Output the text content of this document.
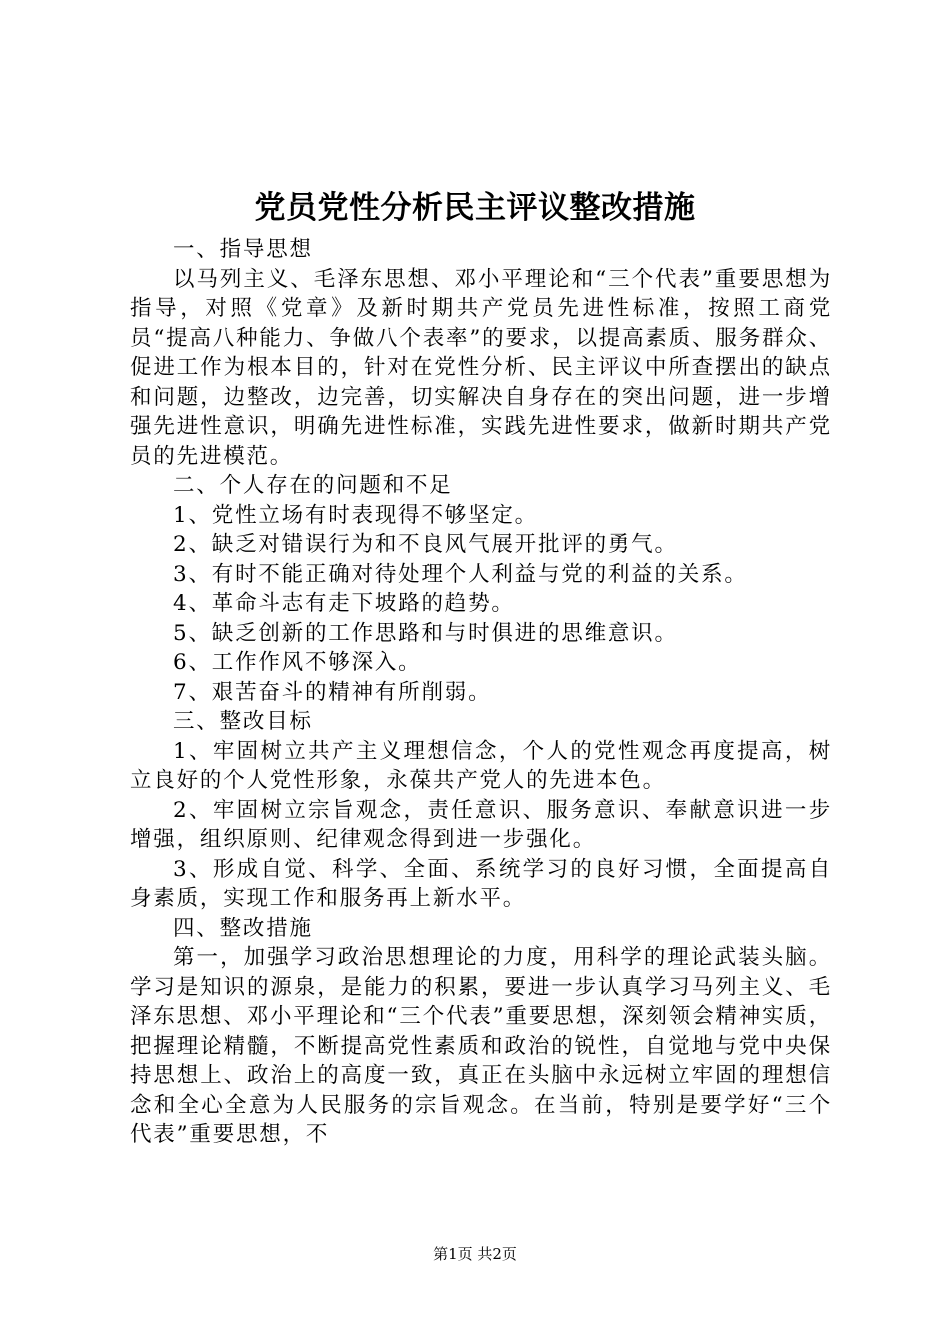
党员党性分析民主评议整改措施

一、指导思想

以马列主义、毛泽东思想、邓小平理论和“三个代表”重要思想为指导，对照《党章》及新时期共产党员先进性标准，按照工商党员“提高八种能力、争做八个表率”的要求，以提高素质、服务群众、促进工作为根本目的，针对在党性分析、民主评议中所查摆出的缺点和问题，边整改，边完善，切实解决自身存在的突出问题，进一步增强先进性意识，明确先进性标准，实践先进性要求，做新时期共产党员的先进模范。

二、个人存在的问题和不足

1、党性立场有时表现得不够坚定。

2、缺乏对错误行为和不良风气展开批评的勇气。

3、有时不能正确对待处理个人利益与党的利益的关系。

4、革命斗志有走下坡路的趋势。

5、缺乏创新的工作思路和与时俱进的思维意识。

6、工作作风不够深入。

7、艰苦奋斗的精神有所削弱。

三、整改目标

1、牢固树立共产主义理想信念，个人的党性观念再度提高，树立良好的个人党性形象，永葆共产党人的先进本色。

2、牢固树立宗旨观念，责任意识、服务意识、奉献意识进一步增强，组织原则、纪律观念得到进一步强化。

3、形成自觉、科学、全面、系统学习的良好习惯，全面提高自身素质，实现工作和服务再上新水平。

四、整改措施

第一，加强学习政治思想理论的力度，用科学的理论武装头脑。学习是知识的源泉，是能力的积累，要进一步认真学习马列主义、毛泽东思想、邓小平理论和“三个代表”重要思想，深刻领会精神实质，把握理论精髓，不断提高党性素质和政治的锐性，自觉地与党中央保持思想上、政治上的高度一致，真正在头脑中永远树立牢固的理想信念和全心全意为人民服务的宗旨观念。在当前，特别是要学好“三个代表”重要思想，不

第1页 共2页
